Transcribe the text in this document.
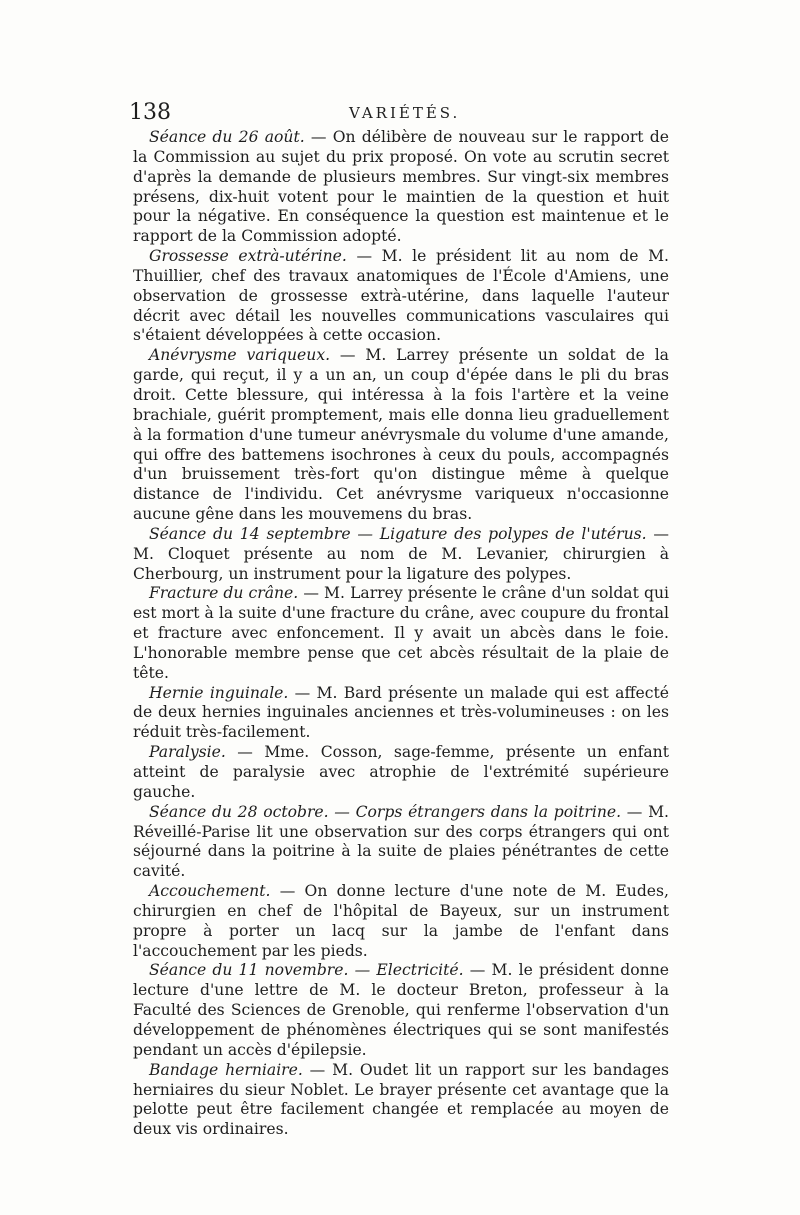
138	VARIÉTÉS.

Séance du 26 août. — On délibère de nouveau sur le rapport de la Commission au sujet du prix proposé. On vote au scrutin secret d'après la demande de plusieurs membres. Sur vingt-six membres présens, dix-huit votent pour le maintien de la question et huit pour la négative. En conséquence la question est maintenue et le rapport de la Commission adopté.

Grossesse extrà-utérine. — M. le président lit au nom de M. Thuillier, chef des travaux anatomiques de l'École d'Amiens, une observation de grossesse extrà-utérine, dans laquelle l'auteur décrit avec détail les nouvelles communications vasculaires qui s'étaient développées à cette occasion.

Anévrysme variqueux. — M. Larrey présente un soldat de la garde, qui reçut, il y a un an, un coup d'épée dans le pli du bras droit. Cette blessure, qui intéressa à la fois l'artère et la veine brachiale, guérit promptement, mais elle donna lieu graduellement à la formation d'une tumeur anévrysmale du volume d'une amande, qui offre des battemens isochrones à ceux du pouls, accompagnés d'un bruissement très-fort qu'on distingue même à quelque distance de l'individu. Cet anévrysme variqueux n'occasionne aucune gêne dans les mouvemens du bras.

Séance du 14 septembre — Ligature des polypes de l'utérus. — M. Cloquet présente au nom de M. Levanier, chirurgien à Cherbourg, un instrument pour la ligature des polypes.

Fracture du crâne. — M. Larrey présente le crâne d'un soldat qui est mort à la suite d'une fracture du crâne, avec coupure du frontal et fracture avec enfoncement. Il y avait un abcès dans le foie. L'honorable membre pense que cet abcès résultait de la plaie de tête.

Hernie inguinale. — M. Bard présente un malade qui est affecté de deux hernies inguinales anciennes et très-volumineuses : on les réduit très-facilement.

Paralysie. — Mme. Cosson, sage-femme, présente un enfant atteint de paralysie avec atrophie de l'extrémité supérieure gauche.

Séance du 28 octobre. — Corps étrangers dans la poitrine. — M. Réveillé-Parise lit une observation sur des corps étrangers qui ont séjourné dans la poitrine à la suite de plaies pénétrantes de cette cavité.

Accouchement. — On donne lecture d'une note de M. Eudes, chirurgien en chef de l'hôpital de Bayeux, sur un instrument propre à porter un lacq sur la jambe de l'enfant dans l'accouchement par les pieds.

Séance du 11 novembre. — Electricité. — M. le président donne lecture d'une lettre de M. le docteur Breton, professeur à la Faculté des Sciences de Grenoble, qui renferme l'observation d'un développement de phénomènes électriques qui se sont manifestés pendant un accès d'épilepsie.

Bandage herniaire. — M. Oudet lit un rapport sur les bandages herniaires du sieur Noblet. Le brayer présente cet avantage que la pelotte peut être facilement changée et remplacée au moyen de deux vis ordinaires.
